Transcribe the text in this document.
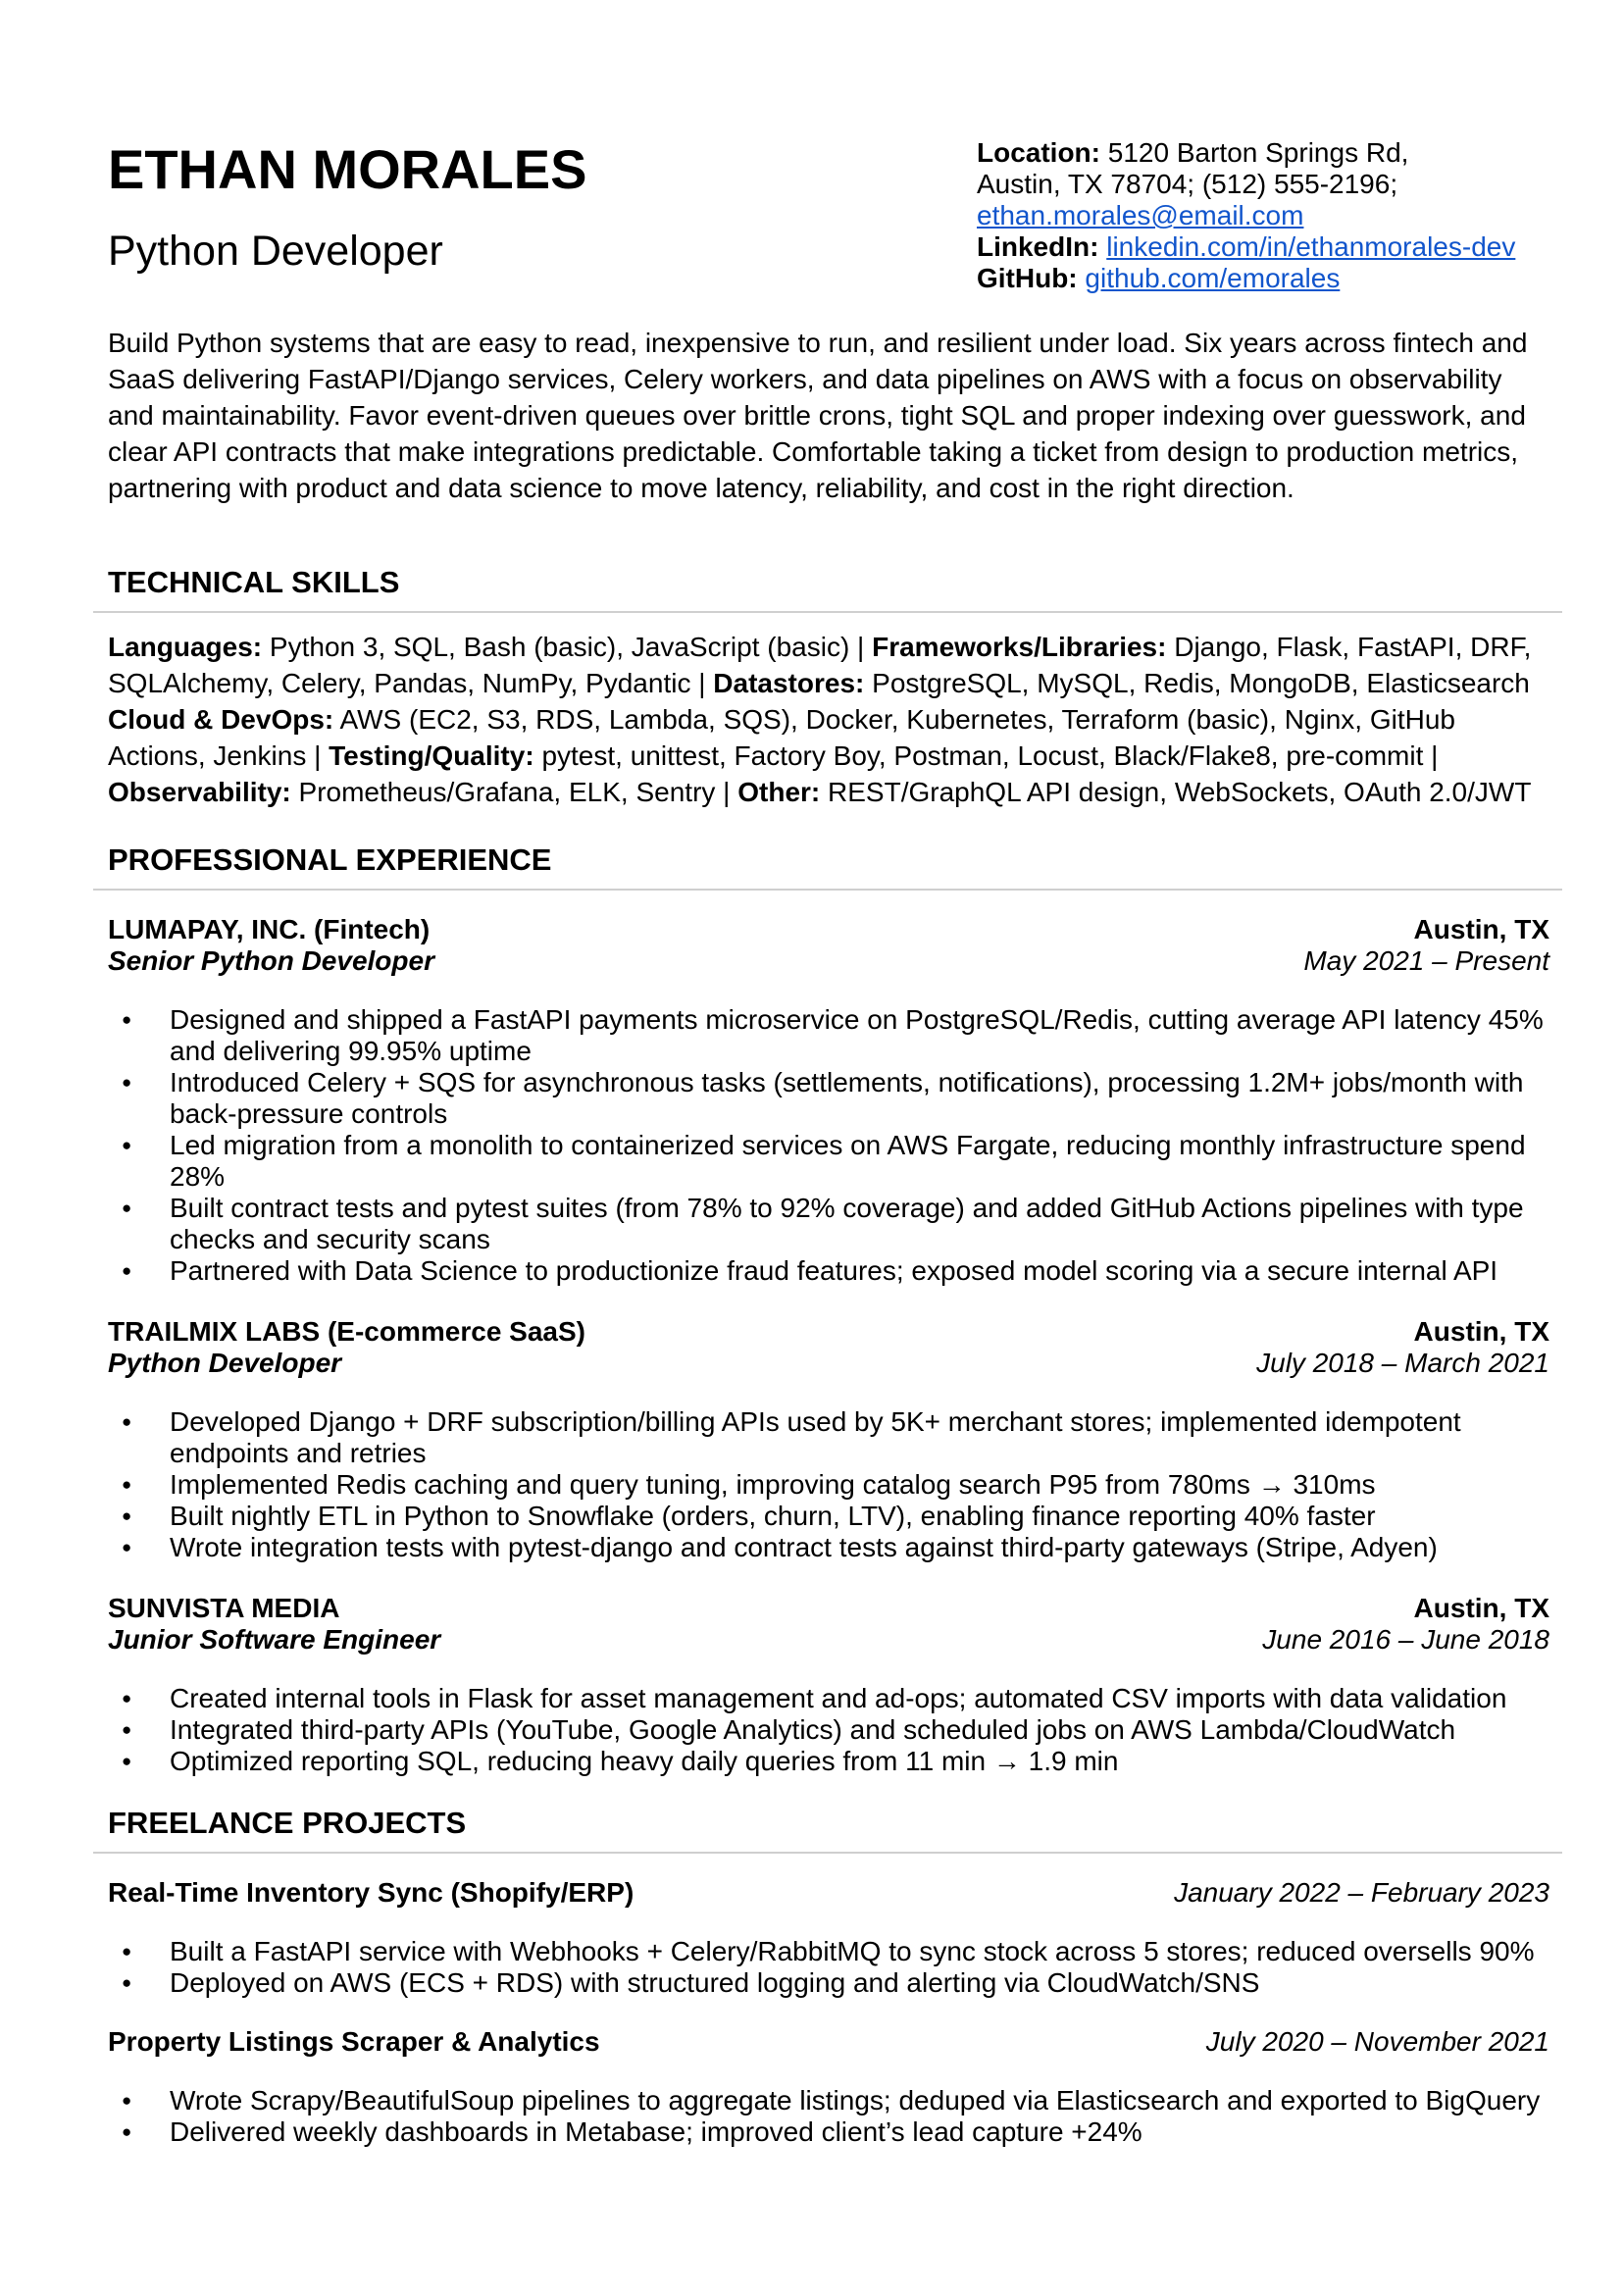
ETHAN MORALES
Python Developer
Location: 5120 Barton Springs Rd,
Austin, TX 78704; (512) 555-2196;
ethan.morales@email.com
LinkedIn: linkedin.com/in/ethanmorales-dev
GitHub: github.com/emorales
Build Python systems that are easy to read, inexpensive to run, and resilient under load. Six years across fintech and
SaaS delivering FastAPI/Django services, Celery workers, and data pipelines on AWS with a focus on observability
and maintainability. Favor event-driven queues over brittle crons, tight SQL and proper indexing over guesswork, and
clear API contracts that make integrations predictable. Comfortable taking a ticket from design to production metrics,
partnering with product and data science to move latency, reliability, and cost in the right direction.
TECHNICAL SKILLS

Languages: Python 3, SQL, Bash (basic), JavaScript (basic) | Frameworks/Libraries: Django, Flask, FastAPI, DRF,

SQLAlchemy, Celery, Pandas, NumPy, Pydantic | Datastores: PostgreSQL, MySQL, Redis, MongoDB, Elasticsearch

Cloud & DevOps: AWS (EC2, S3, RDS, Lambda, SQS), Docker, Kubernetes, Terraform (basic), Nginx, GitHub

Actions, Jenkins | Testing/Quality: pytest, unittest, Factory Boy, Postman, Locust, Black/Flake8, pre-commit |

Observability: Prometheus/Grafana, ELK, Sentry | Other: REST/GraphQL API design, WebSockets, OAuth 2.0/JWT

PROFESSIONAL EXPERIENCE
LUMAPAY, INC. (Fintech)	Austin, TX
Senior Python Developer	May 2021 – Present
● Designed and shipped a FastAPI payments microservice on PostgreSQL/Redis, cutting average API latency 45% and delivering 99.95% uptime
● Introduced Celery + SQS for asynchronous tasks (settlements, notifications), processing 1.2M+ jobs/month with back-pressure controls
● Led migration from a monolith to containerized services on AWS Fargate, reducing monthly infrastructure spend 28%
● Built contract tests and pytest suites (from 78% to 92% coverage) and added GitHub Actions pipelines with type checks and security scans
● Partnered with Data Science to productionize fraud features; exposed model scoring via a secure internal API
TRAILMIX LABS (E-commerce SaaS)	Austin, TX
Python Developer	July 2018 – March 2021
● Developed Django + DRF subscription/billing APIs used by 5K+ merchant stores; implemented idempotent endpoints and retries
● Implemented Redis caching and query tuning, improving catalog search P95 from 780ms → 310ms
● Built nightly ETL in Python to Snowflake (orders, churn, LTV), enabling finance reporting 40% faster
● Wrote integration tests with pytest-django and contract tests against third-party gateways (Stripe, Adyen)
SUNVISTA MEDIA	Austin, TX
Junior Software Engineer	June 2016 – June 2018
● Created internal tools in Flask for asset management and ad-ops; automated CSV imports with data validation
● Integrated third-party APIs (YouTube, Google Analytics) and scheduled jobs on AWS Lambda/CloudWatch
● Optimized reporting SQL, reducing heavy daily queries from 11 min → 1.9 min
FREELANCE PROJECTS
Real-Time Inventory Sync (Shopify/ERP)	January 2022 – February 2023
● Built a FastAPI service with Webhooks + Celery/RabbitMQ to sync stock across 5 stores; reduced oversells 90%
● Deployed on AWS (ECS + RDS) with structured logging and alerting via CloudWatch/SNS
Property Listings Scraper & Analytics	July 2020 – November 2021
● Wrote Scrapy/BeautifulSoup pipelines to aggregate listings; deduped via Elasticsearch and exported to BigQuery
● Delivered weekly dashboards in Metabase; improved client’s lead capture +24%
